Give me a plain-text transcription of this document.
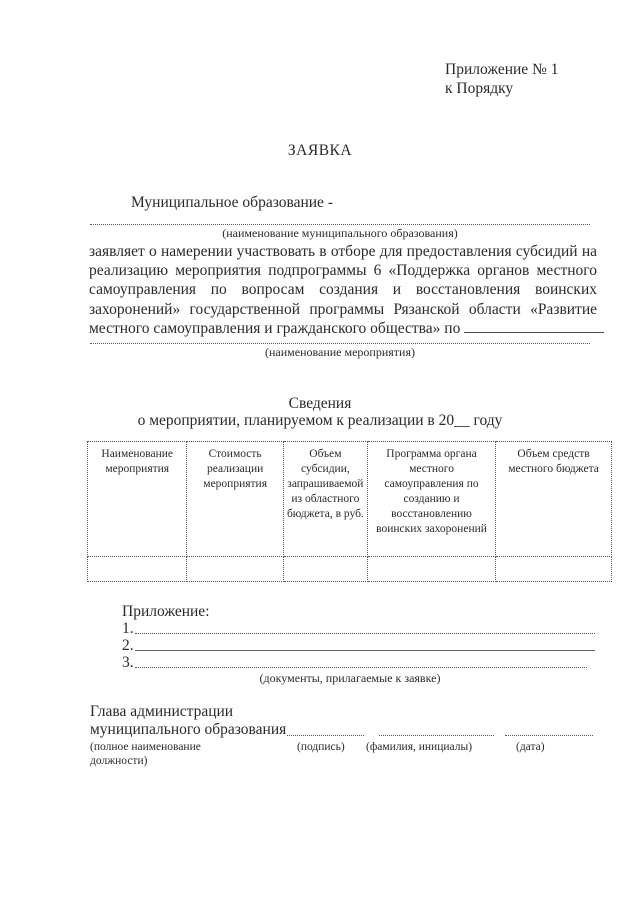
Приложение № 1
к Порядку
ЗАЯВКА
Муниципальное образование -
(наименование муниципального образования)
заявляет о намерении участвовать в отборе для предоставления субсидий на
реализацию мероприятия подпрограммы 6 «Поддержка органов местного
самоуправления по вопросам создания и восстановления воинских
захоронений» государственной программы Рязанской области «Развитие
местного самоуправления и гражданского общества» по
(наименование мероприятия)
Сведения
о мероприятии, планируемом к реализации в 20__ году
Наименование мероприятия	Стоимость реализации мероприятия	Объем субсидии, запрашиваемой из областного бюджета, в руб.	Программа органа местного самоуправления по созданию и восстановлению воинских захоронений	Объем средств местного бюджета

Приложение:
1.
2.
3.
(документы, прилагаемые к заявке)
Глава администрации
муниципального образования
(полное наименование
должности)
(подпись) (фамилия, инициалы)	(дата)
